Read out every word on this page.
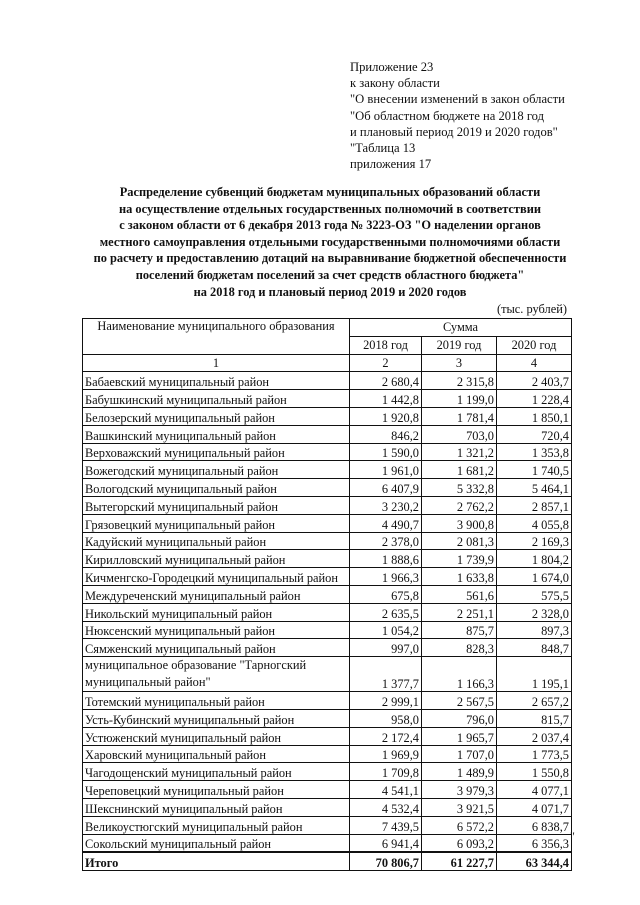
Приложение 23
к закону области
"О внесении изменений в закон области
"Об областном бюджете на 2018 год
и плановый период 2019 и 2020 годов"
"Таблица 13
приложения 17
Распределение субвенций бюджетам муниципальных образований области
на осуществление отдельных государственных полномочий в соответствии
с законом области от 6 декабря 2013 года № 3223-ОЗ "О наделении органов
местного самоуправления отдельными государственными полномочиями области
по расчету и предоставлению дотаций на выравнивание бюджетной обеспеченности
поселений бюджетам поселений за счет средств областного бюджета"
на 2018 год и плановый период 2019 и 2020 годов
(тыс. рублей)
Наименование муниципального образования	Сумма		
	2018 год	2019 год	2020 год
1	2	3	4
Бабаевский муниципальный район	2 680,4	2 315,8	2 403,7
Бабушкинский муниципальный район	1 442,8	1 199,0	1 228,4
Белозерский муниципальный район	1 920,8	1 781,4	1 850,1
Вашкинский муниципальный район	846,2	703,0	720,4
Верховажский муниципальный район	1 590,0	1 321,2	1 353,8
Вожегодский муниципальный район	1 961,0	1 681,2	1 740,5
Вологодский муниципальный район	6 407,9	5 332,8	5 464,1
Вытегорский муниципальный район	3 230,2	2 762,2	2 857,1
Грязовецкий муниципальный район	4 490,7	3 900,8	4 055,8
Кадуйский муниципальный район	2 378,0	2 081,3	2 169,3
Кирилловский муниципальный район	1 888,6	1 739,9	1 804,2
Кичменгско-Городецкий муниципальный район	1 966,3	1 633,8	1 674,0
Междуреченский муниципальный район	675,8	561,6	575,5
Никольский муниципальный район	2 635,5	2 251,1	2 328,0
Нюксенский муниципальный район	1 054,2	875,7	897,3
Сямженский муниципальный район	997,0	828,3	848,7
муниципальное образование "Тарногский муниципальный район"	1 377,7	1 166,3	1 195,1
Тотемский муниципальный район	2 999,1	2 567,5	2 657,2
Усть-Кубинский муниципальный район	958,0	796,0	815,7
Устюженский муниципальный район	2 172,4	1 965,7	2 037,4
Харовский муниципальный район	1 969,9	1 707,0	1 773,5
Чагодощенский муниципальный район	1 709,8	1 489,9	1 550,8
Череповецкий муниципальный район	4 541,1	3 979,3	4 077,1
Шекснинский муниципальный район	4 532,4	3 921,5	4 071,7
Великоустюгский муниципальный район	7 439,5	6 572,2	6 838,7
Сокольский муниципальный район	6 941,4	6 093,2	6 356,3
Итого	70 806,7	61 227,7	63 344,4
"
